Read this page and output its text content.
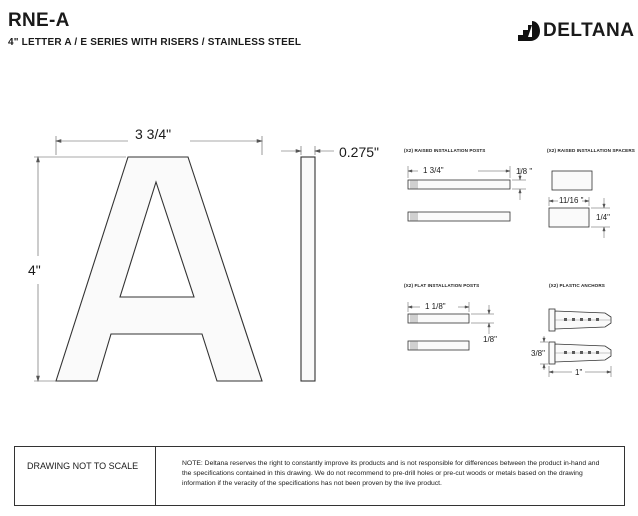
RNE-A
4" LETTER A / E SERIES WITH RISERS / STAINLESS STEEL
DELTANA
3 3/4"
4"
0.275"	(X2) RAISED INSTALLATION POSTS
1 3/4"	1/8 "
(X2) RAISED INSTALLATION SPACERS
11/16 "
1/4"
(X2) FLAT INSTALLATION POSTS
1 1/8"
1/8"
(X2) PLASTIC ANCHORS
3/8"
1"
DRAWING NOT TO SCALE	NOTE: Deltana reserves the right to constantly improve its products and is not responsible for differences between the product in-hand and
the specifications contained in this drawing. We do not recommend to pre-drill holes or pre-cut woods or metals based on the drawing
information if the veracity of the specifications has not been proven by the live product.
